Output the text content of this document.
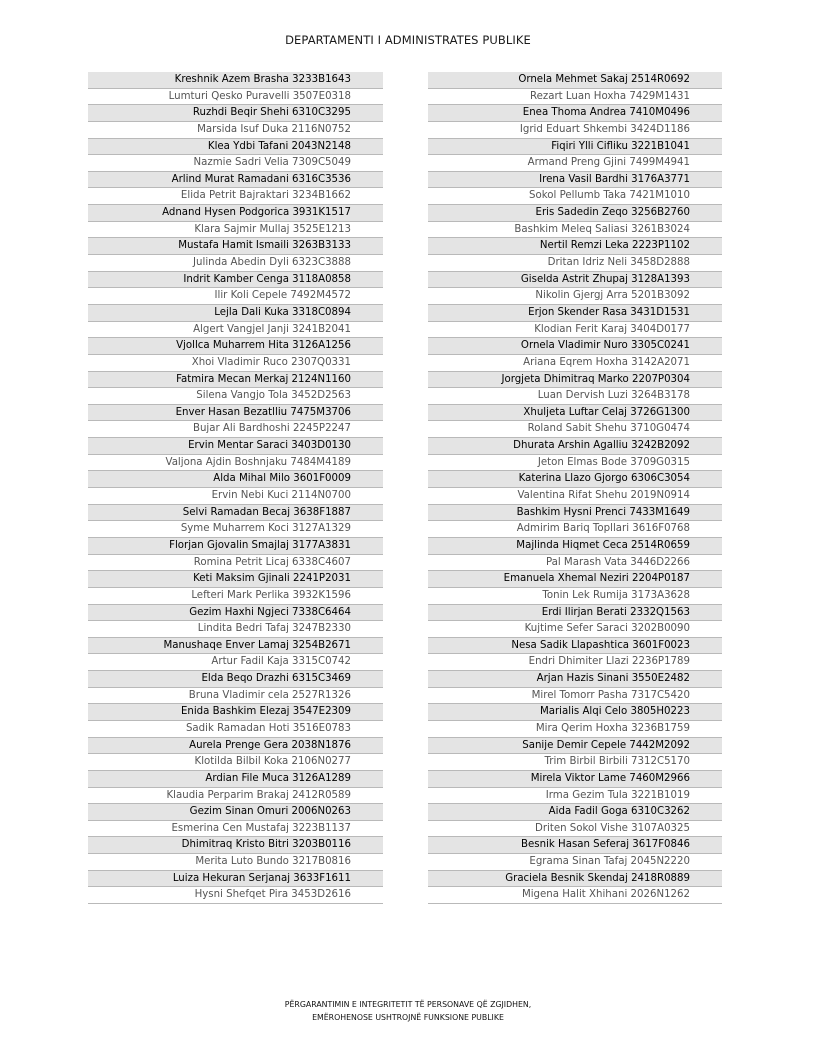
DEPARTAMENTI I ADMINISTRATES PUBLIKE
Kreshnik Azem Brasha 3233B1643
Lumturi Qesko Puravelli 3507E0318
Ruzhdi Beqir Shehi 6310C3295
Marsida Isuf Duka 2116N0752
Klea Ydbi Tafani 2043N2148
Nazmie Sadri Velia 7309C5049
Arlind Murat Ramadani 6316C3536
Elida Petrit Bajraktari 3234B1662
Adnand Hysen Podgorica 3931K1517
Klara Sajmir Mullaj 3525E1213
Mustafa Hamit Ismaili 3263B3133
Julinda Abedin Dyli 6323C3888
Indrit Kamber Cenga 3118A0858
Ilir Koli Cepele 7492M4572
Lejla Dali Kuka 3318C0894
Algert Vangjel Janji 3241B2041
Vjollca Muharrem Hita 3126A1256
Xhoi Vladimir Ruco 2307Q0331
Fatmira Mecan Merkaj 2124N1160
Silena Vangjo Tola 3452D2563
Enver Hasan Bezatlliu 7475M3706
Bujar Ali Bardhoshi 2245P2247
Ervin Mentar Saraci 3403D0130
Valjona Ajdin Boshnjaku 7484M4189
Alda Mihal Milo 3601F0009
Ervin Nebi Kuci 2114N0700
Selvi Ramadan Becaj 3638F1887
Syme Muharrem Koci 3127A1329
Florjan Gjovalin Smajlaj 3177A3831
Romina Petrit Licaj 6338C4607
Keti Maksim Gjinali 2241P2031
Lefteri Mark Perlika 3932K1596
Gezim Haxhi Ngjeci 7338C6464
Lindita Bedri Tafaj 3247B2330
Manushaqe Enver Lamaj 3254B2671
Artur Fadil Kaja 3315C0742
Elda Beqo Drazhi 6315C3469
Bruna Vladimir cela 2527R1326
Enida Bashkim Elezaj 3547E2309
Sadik Ramadan Hoti 3516E0783
Aurela Prenge Gera 2038N1876
Klotilda Bilbil Koka 2106N0277
Ardian File Muca 3126A1289
Klaudia Perparim Brakaj 2412R0589
Gezim Sinan Omuri 2006N0263
Esmerina Cen Mustafaj 3223B1137
Dhimitraq Kristo Bitri 3203B0116
Merita Luto Bundo 3217B0816
Luiza Hekuran Serjanaj 3633F1611
Hysni Shefqet Pira 3453D2616
Ornela Mehmet Sakaj 2514R0692
Rezart Luan Hoxha 7429M1431
Enea Thoma Andrea 7410M0496
Igrid Eduart Shkembi 3424D1186
Fiqiri Ylli Cifliku 3221B1041
Armand Preng Gjini 7499M4941
Irena Vasil Bardhi 3176A3771
Sokol Pellumb Taka 7421M1010
Eris Sadedin Zeqo 3256B2760
Bashkim Meleq Saliasi 3261B3024
Nertil Remzi Leka 2223P1102
Dritan Idriz Neli 3458D2888
Giselda Astrit Zhupaj 3128A1393
Nikolin Gjergj Arra 5201B3092
Erjon Skender Rasa 3431D1531
Klodian Ferit Karaj 3404D0177
Ornela Vladimir Nuro 3305C0241
Ariana Eqrem Hoxha 3142A2071
Jorgjeta Dhimitraq Marko 2207P0304
Luan Dervish Luzi 3264B3178
Xhuljeta Luftar Celaj 3726G1300
Roland Sabit Shehu 3710G0474
Dhurata Arshin Agalliu 3242B2092
Jeton Elmas Bode 3709G0315
Katerina Llazo Gjorgo 6306C3054
Valentina Rifat Shehu 2019N0914
Bashkim Hysni Prenci 7433M1649
Admirim Bariq Topllari 3616F0768
Majlinda Hiqmet Ceca 2514R0659
Pal Marash Vata 3446D2266
Emanuela Xhemal Neziri 2204P0187
Tonin Lek Rumija 3173A3628
Erdi Ilirjan Berati 2332Q1563
Kujtime Sefer Saraci 3202B0090
Nesa Sadik Llapashtica 3601F0023
Endri Dhimiter Llazi 2236P1789
Arjan Hazis Sinani 3550E2482
Mirel Tomorr Pasha 7317C5420
Marialis Alqi Celo 3805H0223
Mira Qerim Hoxha 3236B1759
Sanije Demir Cepele 7442M2092
Trim Birbil Birbili 7312C5170
Mirela Viktor Lame 7460M2966
Irma Gezim Tula 3221B1019
Aida Fadil Goga 6310C3262
Driten Sokol Vishe 3107A0325
Besnik Hasan Seferaj 3617F0846
Egrama Sinan Tafaj 2045N2220
Graciela Besnik Skendaj 2418R0889
Migena Halit Xhihani 2026N1262
PËRGARANTIMIN E INTEGRITETIT TË PERSONAVE QË ZGJIDHEN,
EMËROHENOSE USHTROJNË FUNKSIONE PUBLIKE
